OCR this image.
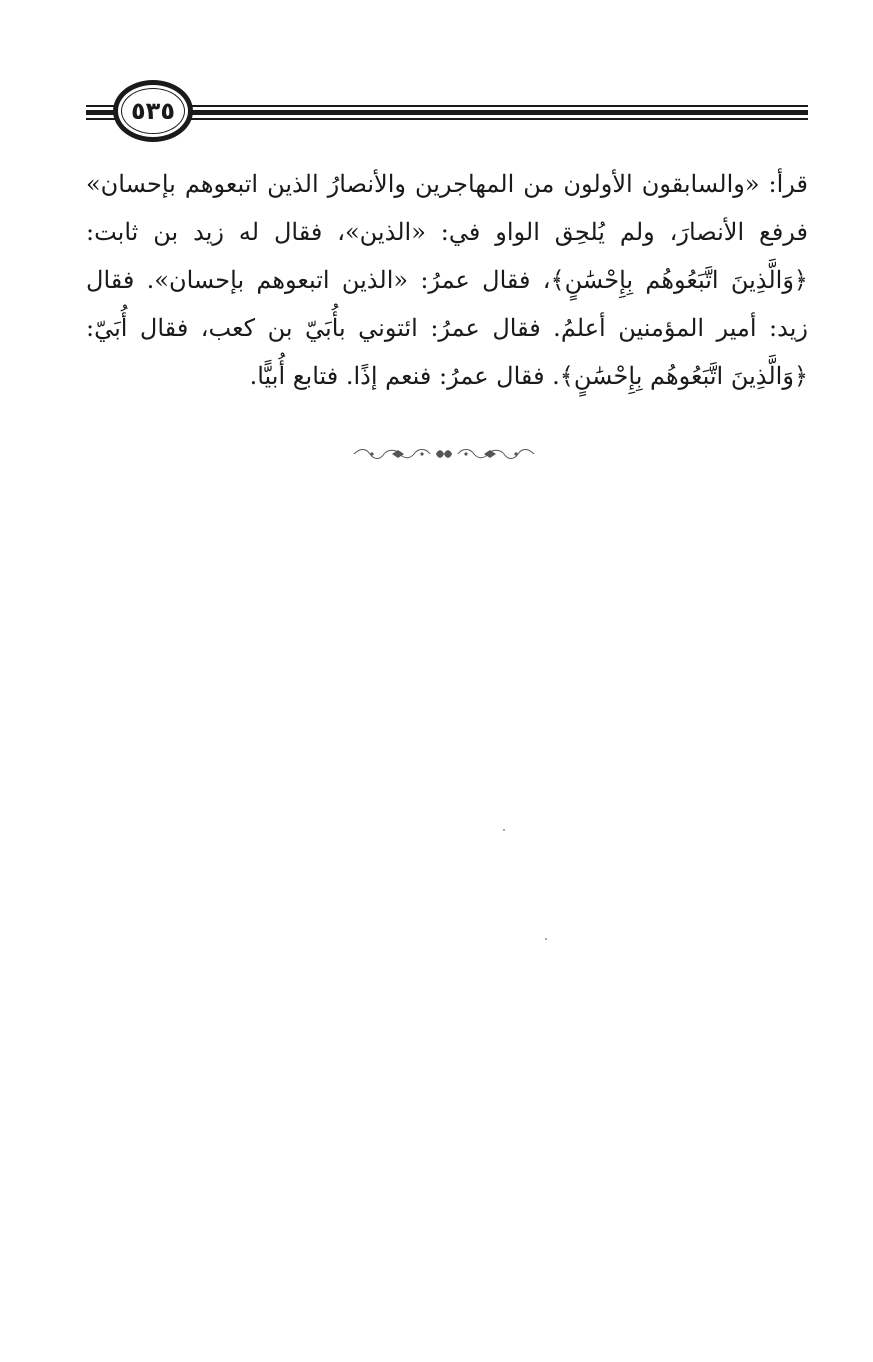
٥٣٥
قرأ: «والسابقون الأولون من المهاجرين والأنصارُ الذين اتبعوهم بإحسان»
فرفع الأنصارَ، ولم يُلحِق الواو في: «الذين»، فقال له زيد بن ثابت:
﴿وَالَّذِينَ اتَّبَعُوهُم بِإِحْسَٰنٍ﴾، فقال عمرُ: «الذين اتبعوهم بإحسان». فقال
زيد: أمير المؤمنين أعلمُ. فقال عمرُ: ائتوني بأُبَيّ بن كعب، فقال أُبَيّ:
﴿وَالَّذِينَ اتَّبَعُوهُم بِإِحْسَٰنٍ﴾. فقال عمرُ: فنعم إذًا. فتابع أُبيًّا.
